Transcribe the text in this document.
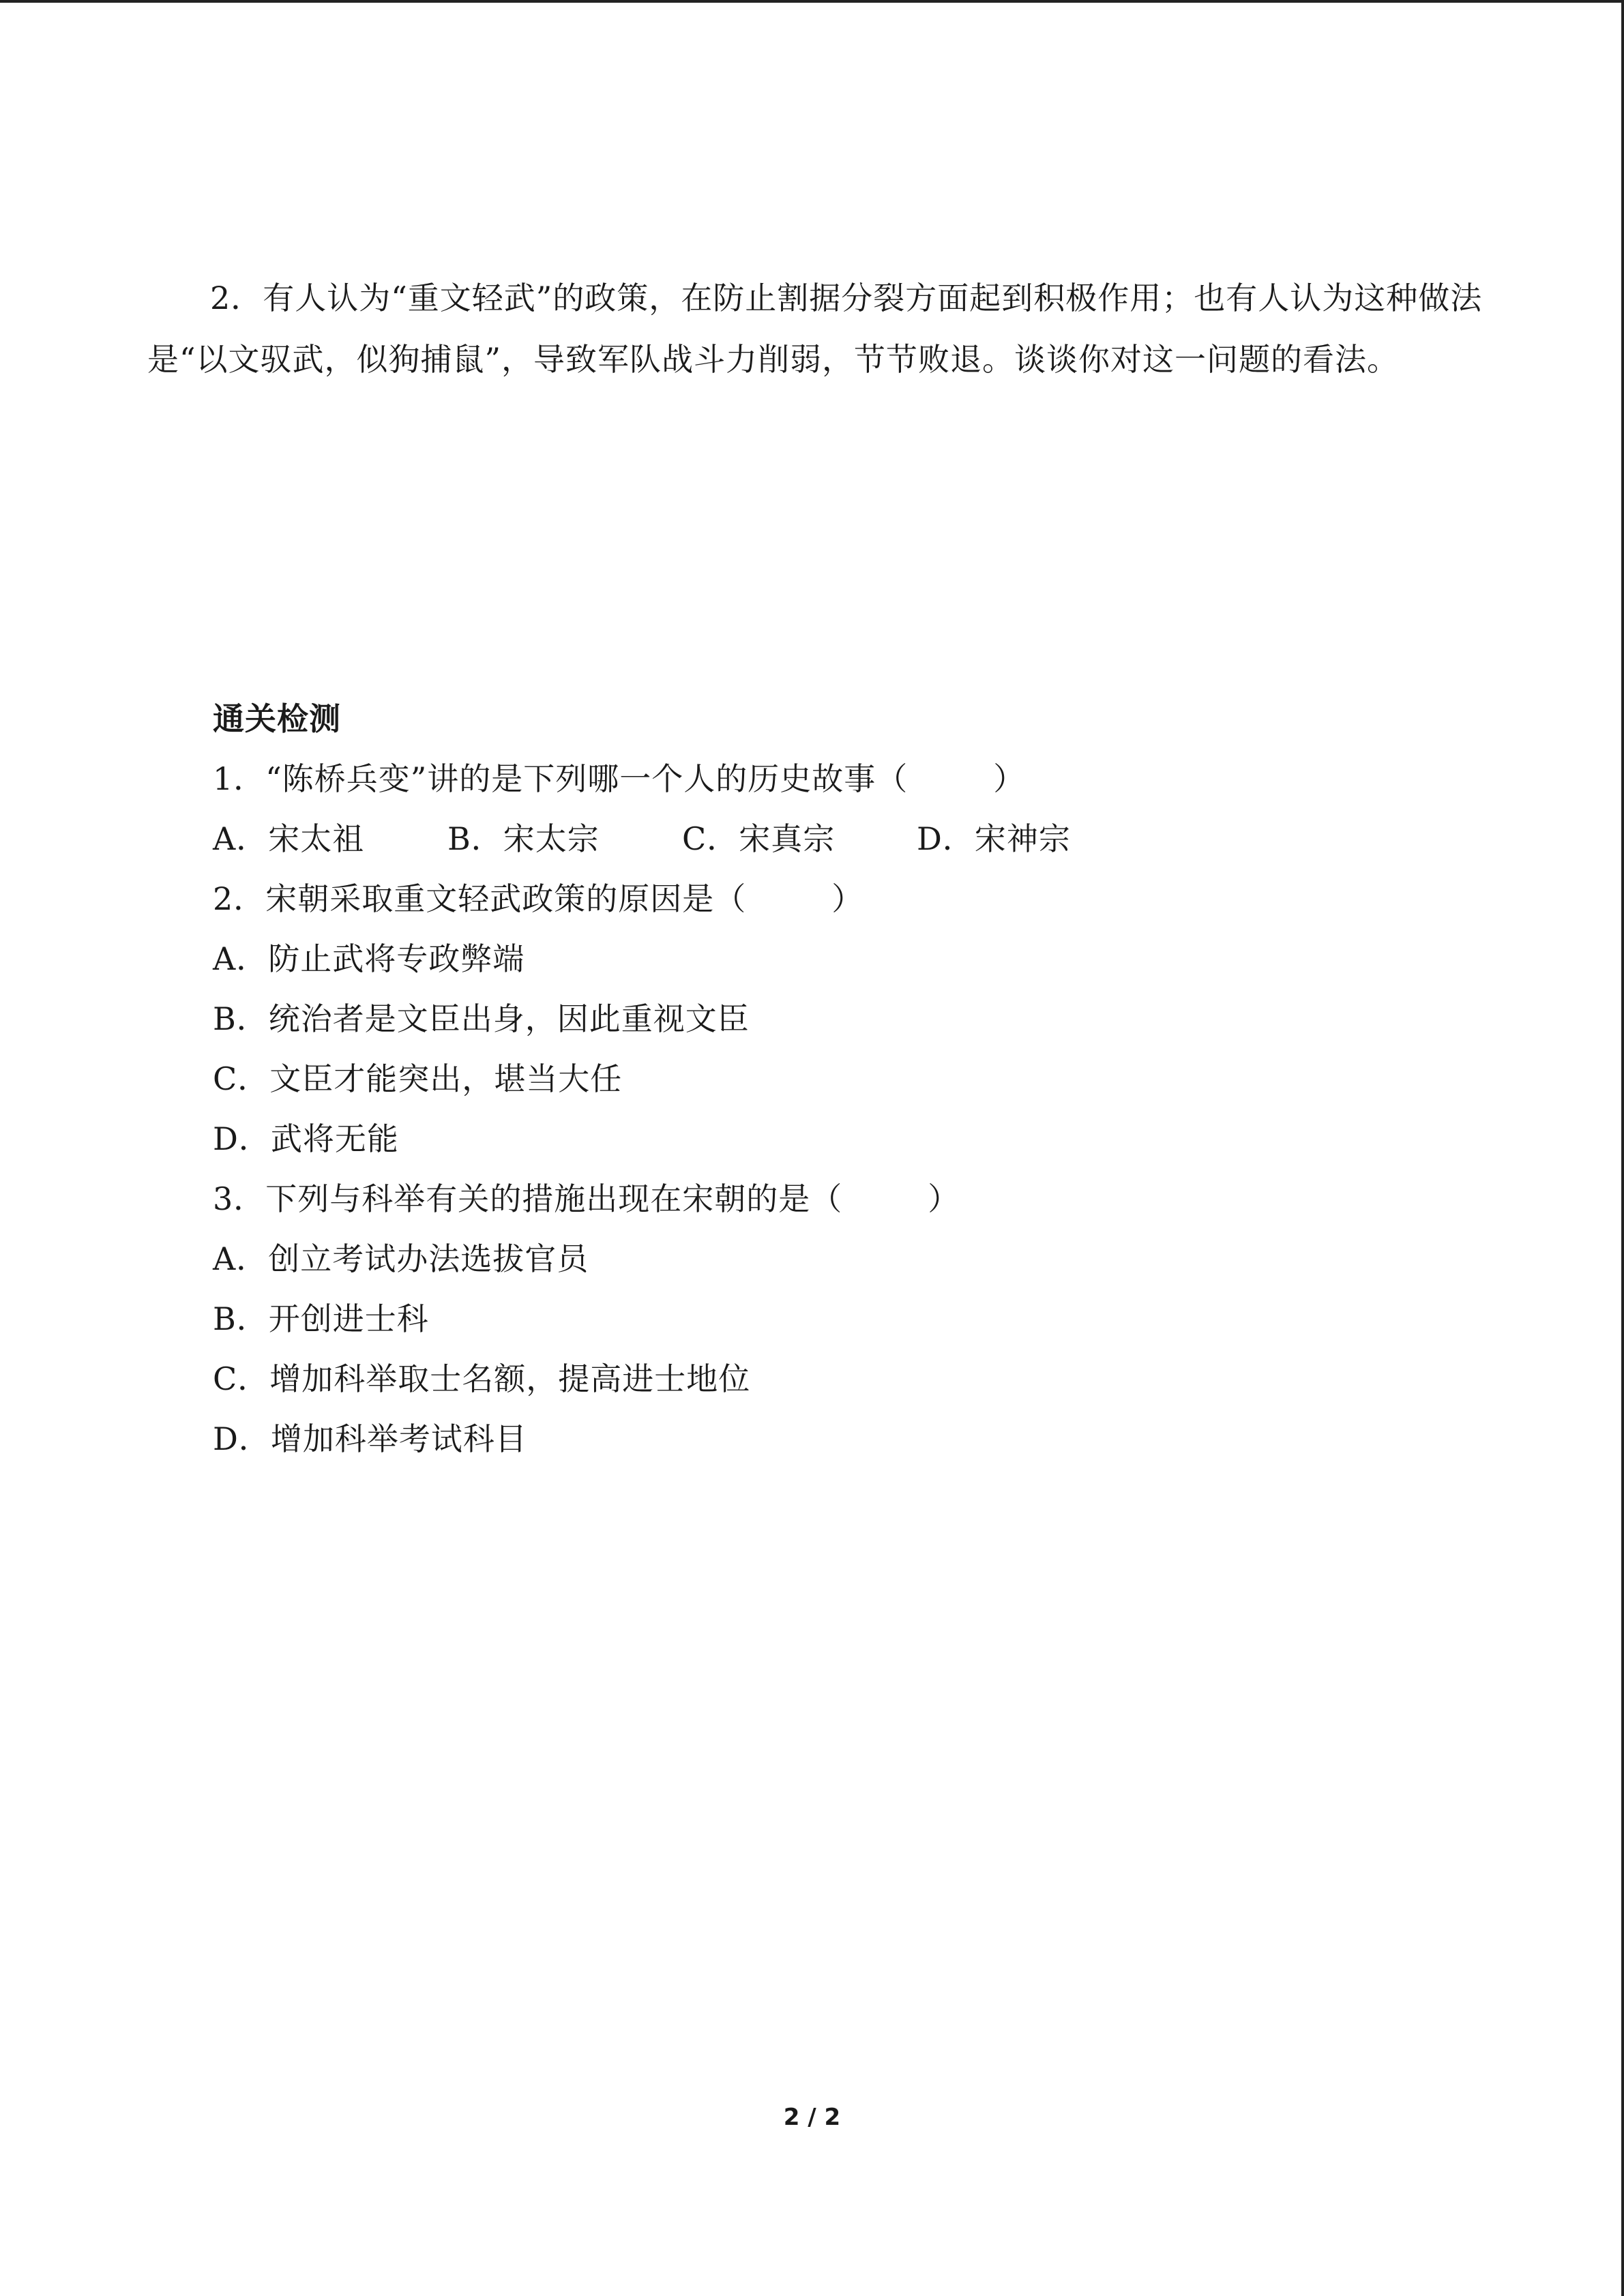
2．有人认为“重文轻武”的政策，在防止割据分裂方面起到积极作用；也有人认为这种做法是“以文驭武，似狗捕鼠”，导致军队战斗力削弱，节节败退。谈谈你对这一问题的看法。
通关检测
1．“陈桥兵变”讲的是下列哪一个人的历史故事（        ）
A．宋太祖	B．宋太宗	C．宋真宗	D．宋神宗
2．宋朝采取重文轻武政策的原因是（        ）
A．防止武将专政弊端
B．统治者是文臣出身，因此重视文臣
C．文臣才能突出，堪当大任
D．武将无能
3．下列与科举有关的措施出现在宋朝的是（        ）
A．创立考试办法选拔官员
B．开创进士科
C．增加科举取士名额，提高进士地位
D．增加科举考试科目
2 / 2
